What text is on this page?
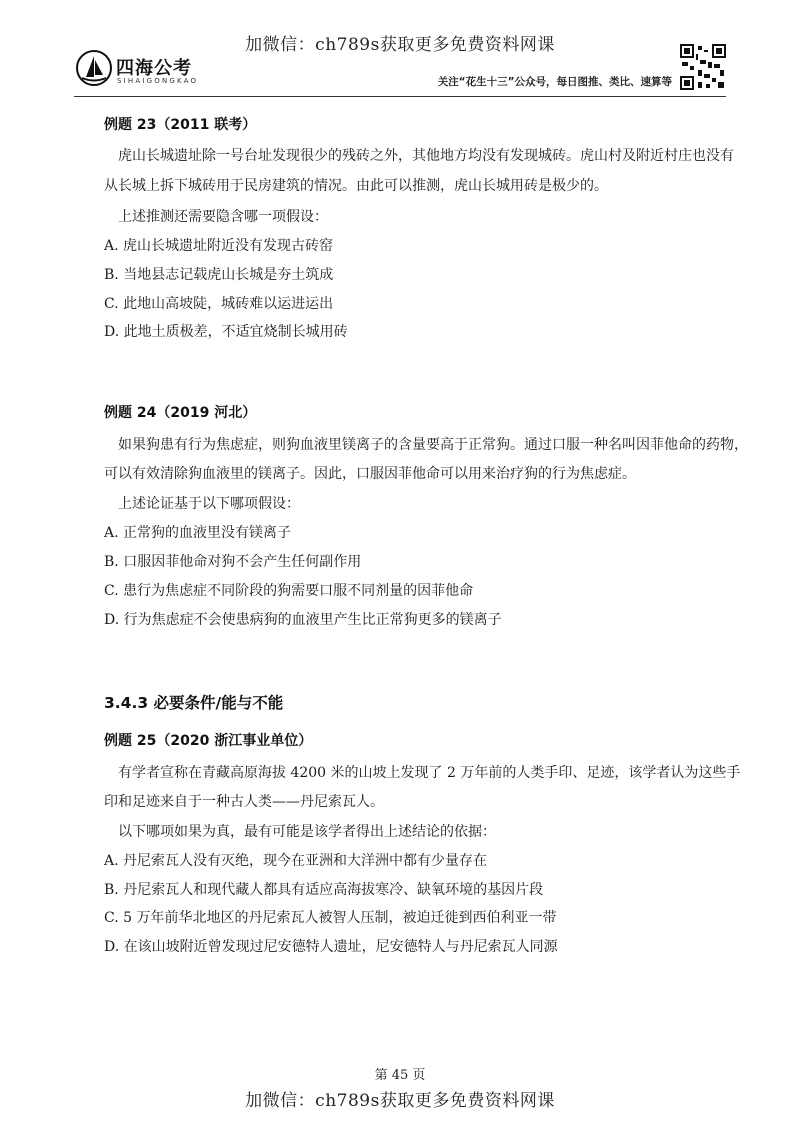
加微信：ch789s获取更多免费资料网课
四海公考
SIHAIGONGKAO	关注“花生十三”公众号，每日图推、类比、速算等
例题 23（2011 联考）
虎山长城遗址除一号台址发现很少的残砖之外，其他地方均没有发现城砖。虎山村及附近村庄也没有
从长城上拆下城砖用于民房建筑的情况。由此可以推测，虎山长城用砖是极少的。
上述推测还需要隐含哪一项假设：
A. 虎山长城遗址附近没有发现古砖窑
B. 当地县志记载虎山长城是夯土筑成
C. 此地山高坡陡，城砖难以运进运出
D. 此地土质极差，不适宜烧制长城用砖
例题 24（2019 河北）
如果狗患有行为焦虑症，则狗血液里镁离子的含量要高于正常狗。通过口服一种名叫因菲他命的药物，
可以有效清除狗血液里的镁离子。因此，口服因菲他命可以用来治疗狗的行为焦虑症。
上述论证基于以下哪项假设：
A. 正常狗的血液里没有镁离子
B. 口服因菲他命对狗不会产生任何副作用
C. 患行为焦虑症不同阶段的狗需要口服不同剂量的因菲他命
D. 行为焦虑症不会使患病狗的血液里产生比正常狗更多的镁离子
3.4.3 必要条件/能与不能
例题 25（2020 浙江事业单位）
有学者宣称在青藏高原海拔 4200 米的山坡上发现了 2 万年前的人类手印、足迹，该学者认为这些手
印和足迹来自于一种古人类——丹尼索瓦人。
以下哪项如果为真，最有可能是该学者得出上述结论的依据：
A. 丹尼索瓦人没有灭绝，现今在亚洲和大洋洲中都有少量存在
B. 丹尼索瓦人和现代藏人都具有适应高海拔寒冷、缺氧环境的基因片段
C. 5 万年前华北地区的丹尼索瓦人被智人压制，被迫迁徙到西伯利亚一带
D. 在该山坡附近曾发现过尼安德特人遗址，尼安德特人与丹尼索瓦人同源
第 45 页
加微信：ch789s获取更多免费资料网课
